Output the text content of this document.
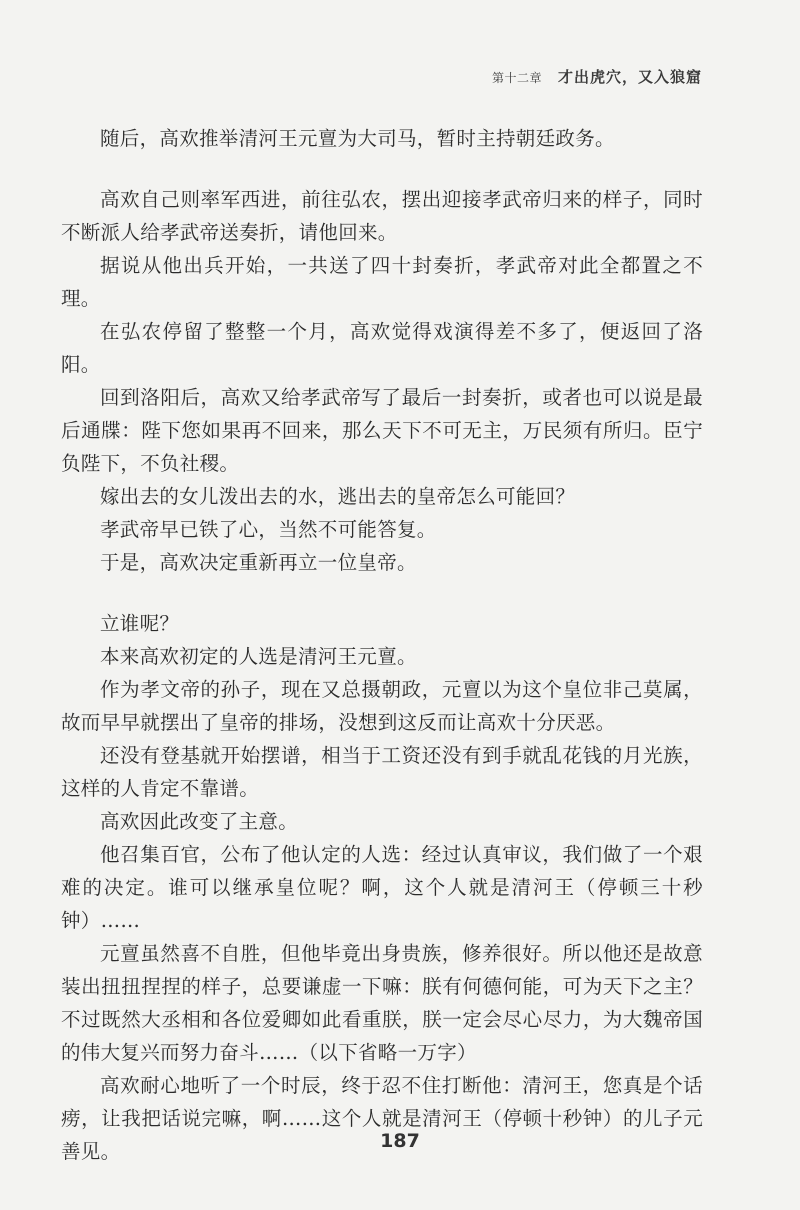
第十二章 才出虎穴，又入狼窟

随后，高欢推举清河王元亶为大司马，暂时主持朝廷政务。

高欢自己则率军西进，前往弘农，摆出迎接孝武帝归来的样子，同时不断派人给孝武帝送奏折，请他回来。

据说从他出兵开始，一共送了四十封奏折，孝武帝对此全都置之不理。

在弘农停留了整整一个月，高欢觉得戏演得差不多了，便返回了洛阳。

回到洛阳后，高欢又给孝武帝写了最后一封奏折，或者也可以说是最后通牒：陛下您如果再不回来，那么天下不可无主，万民须有所归。臣宁负陛下，不负社稷。

嫁出去的女儿泼出去的水，逃出去的皇帝怎么可能回？

孝武帝早已铁了心，当然不可能答复。

于是，高欢决定重新再立一位皇帝。

立谁呢？

本来高欢初定的人选是清河王元亶。

作为孝文帝的孙子，现在又总摄朝政，元亶以为这个皇位非己莫属，故而早早就摆出了皇帝的排场，没想到这反而让高欢十分厌恶。

还没有登基就开始摆谱，相当于工资还没有到手就乱花钱的月光族，这样的人肯定不靠谱。

高欢因此改变了主意。

他召集百官，公布了他认定的人选：经过认真审议，我们做了一个艰难的决定。谁可以继承皇位呢？啊，这个人就是清河王（停顿三十秒钟）……

元亶虽然喜不自胜，但他毕竟出身贵族，修养很好。所以他还是故意装出扭扭捏捏的样子，总要谦虚一下嘛：朕有何德何能，可为天下之主？不过既然大丞相和各位爱卿如此看重朕，朕一定会尽心尽力，为大魏帝国的伟大复兴而努力奋斗……（以下省略一万字）

高欢耐心地听了一个时辰，终于忍不住打断他：清河王，您真是个话痨，让我把话说完嘛，啊……这个人就是清河王（停顿十秒钟）的儿子元善见。	187
